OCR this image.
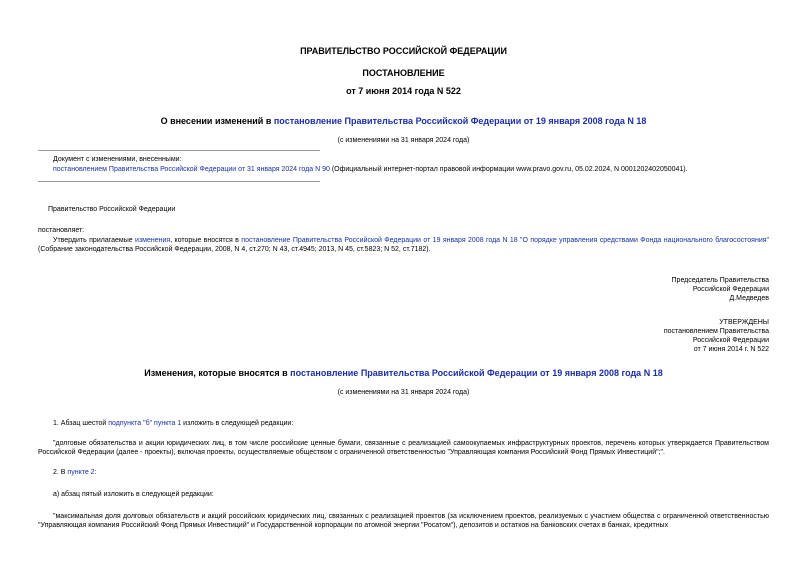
ПРАВИТЕЛЬСТВО РОССИЙСКОЙ ФЕДЕРАЦИИ
ПОСТАНОВЛЕНИЕ
от 7 июня 2014 года N 522
О внесении изменений в постановление Правительства Российской Федерации от 19 января 2008 года N 18
(с изменениями на 31 января 2024 года)
Документ с изменениями, внесенными:
постановлением Правительства Российской Федерации от 31 января 2024 года N 90 (Официальный интернет-портал правовой информации www.pravo.gov.ru, 05.02.2024, N 0001202402050041).
Правительство Российской Федерации
постановляет:
Утвердить прилагаемые изменения, которые вносятся в постановление Правительства Российской Федерации от 19 января 2008 года N 18 "О порядке управления средствами Фонда национального благосостояния" (Собрание законодательства Российской Федерации, 2008, N 4, ст.270; N 43, ст.4945; 2013, N 45, ст.5823; N 52, ст.7182).
Председатель Правительства
Российской Федерации
Д.Медведев
УТВЕРЖДЕНЫ
постановлением Правительства
Российской Федерации
от 7 июня 2014 г. N 522
Изменения, которые вносятся в постановление Правительства Российской Федерации от 19 января 2008 года N 18
(с изменениями на 31 января 2024 года)
1. Абзац шестой подпункта "б" пункта 1 изложить в следующей редакции:
"долговые обязательства и акции юридических лиц, в том числе российские ценные бумаги, связанные с реализацией самоокупаемых инфраструктурных проектов, перечень которых утверждается Правительством Российской Федерации (далее - проекты), включая проекты, осуществляемые обществом с ограниченной ответственностью "Управляющая компания Российский Фонд Прямых Инвестиций";".
2. В пункте 2:
а) абзац пятый изложить в следующей редакции:
"максимальная доля долговых обязательств и акций российских юридических лиц, связанных с реализацией проектов (за исключением проектов, реализуемых с участием общества с ограниченной ответственностью "Управляющая компания Российский Фонд Прямых Инвестиций" и Государственной корпорации по атомной энергии "Росатом"), депозитов и остатков на банковских счетах в банках, кредитных
